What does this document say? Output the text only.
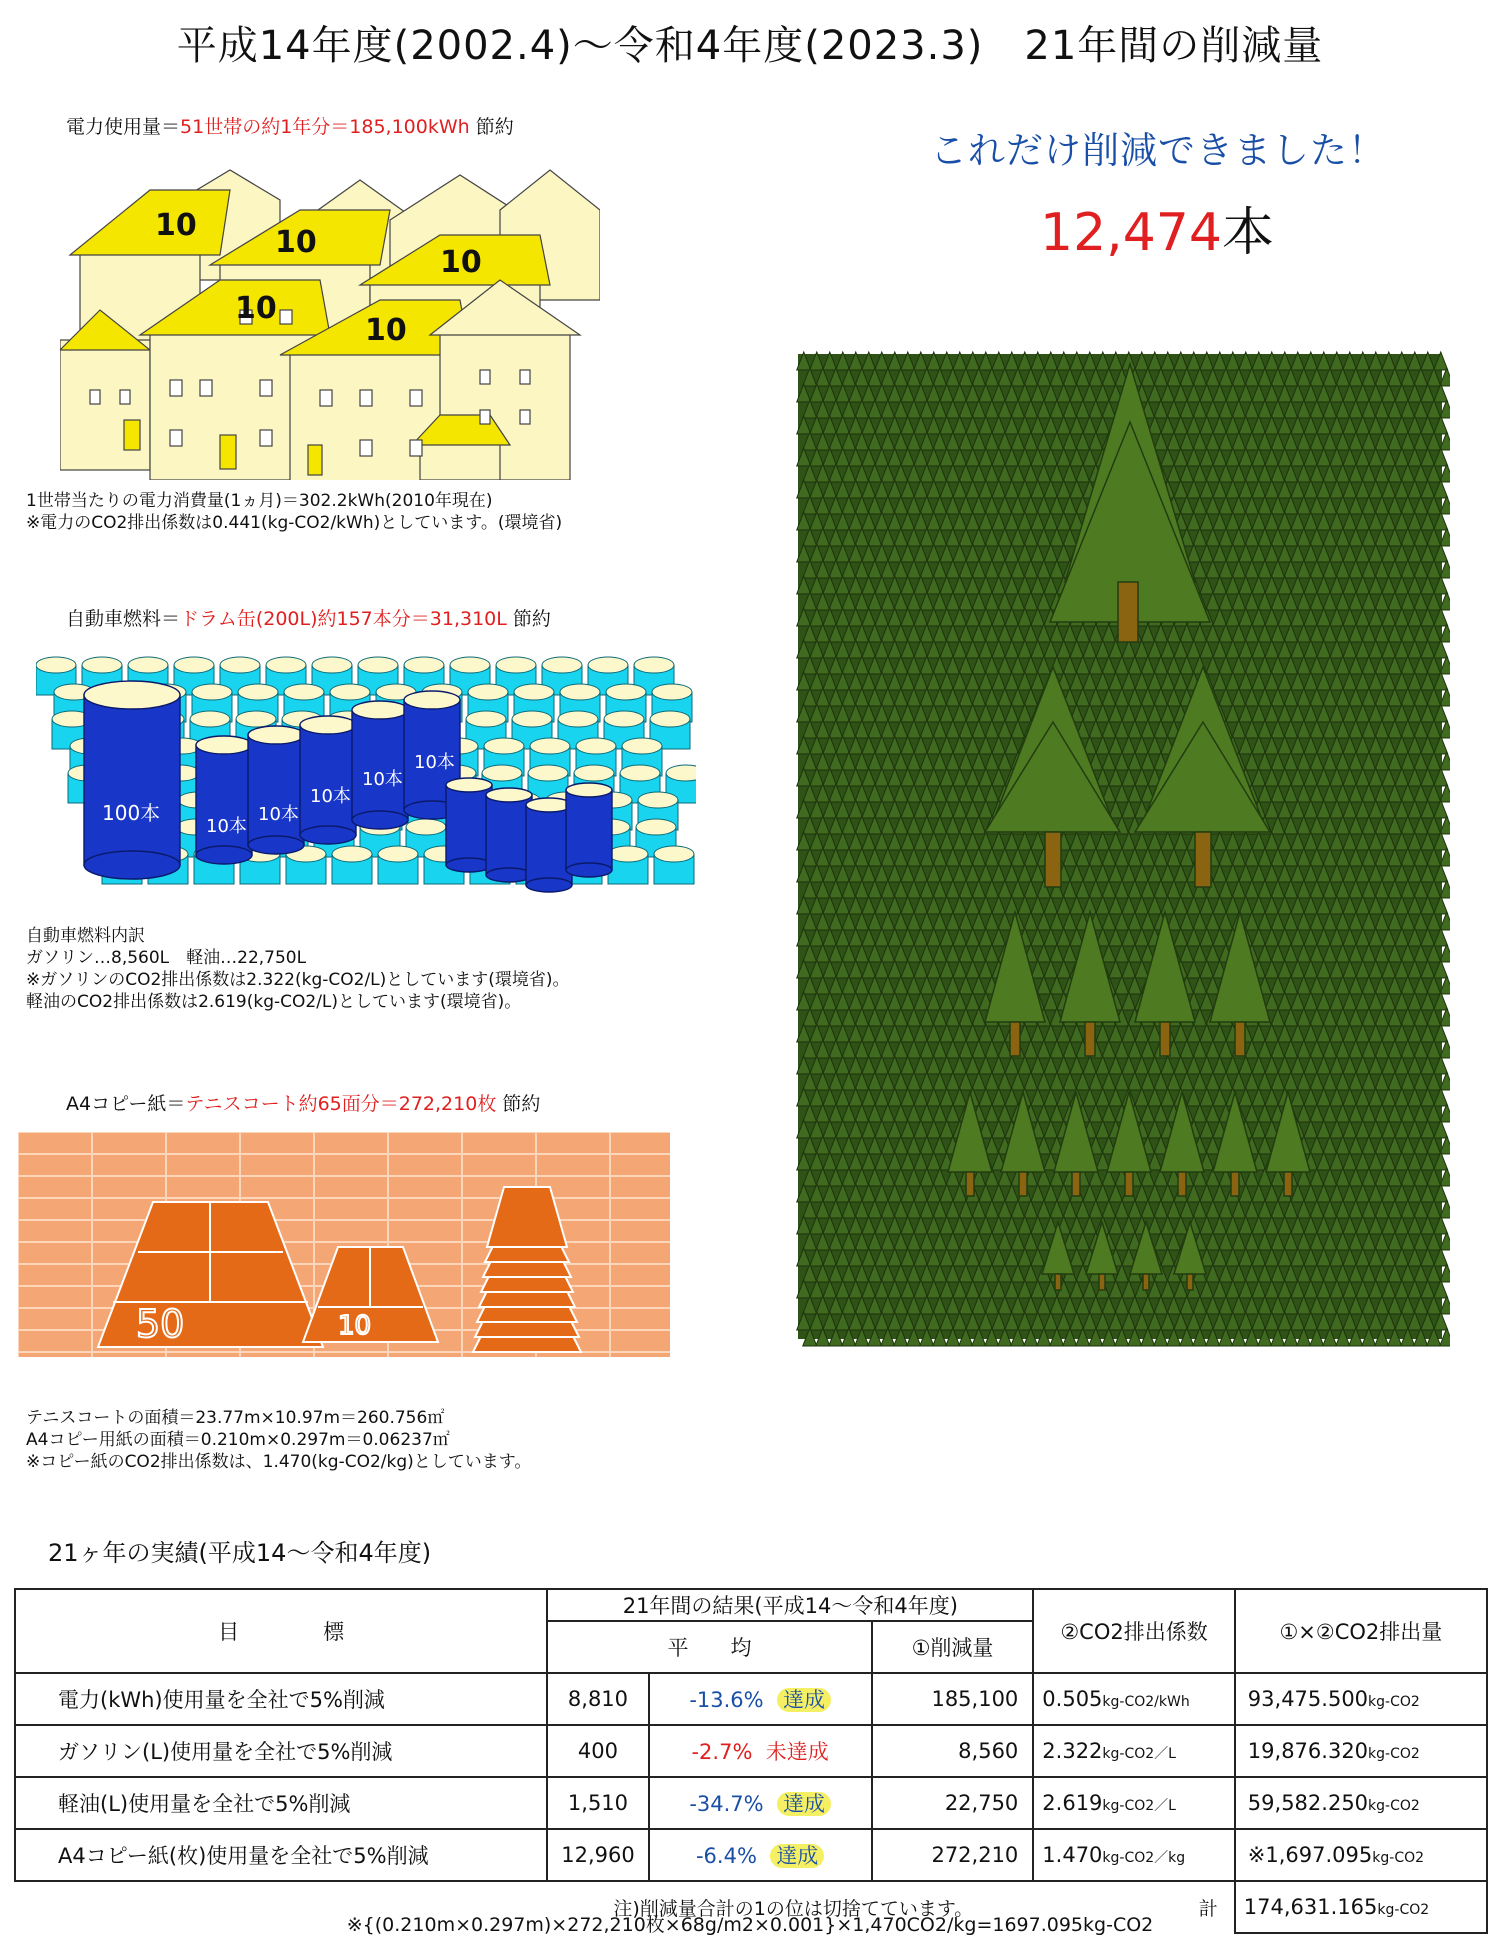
平成14年度(2002.4)～令和4年度(2023.3)　21年間の削減量
電力使用量＝51世帯の約1年分＝185,100kWh 節約
10	10
10
10
10
1世帯当たりの電力消費量(1ヵ月)＝302.2kWh(2010年現在)
※電力のCO2排出係数は0.441(kg-CO2/kWh)としています。(環境省)
自動車燃料＝ドラム缶(200L)約157本分＝31,310L 節約
100本
10本
10本
10本
10本
10本
自動車燃料内訳
ガソリン…8,560L　軽油…22,750L
※ガソリンのCO2排出係数は2.322(kg-CO2/L)としています(環境省)。
軽油のCO2排出係数は2.619(kg-CO2/L)としています(環境省)。
A4コピー紙＝テニスコート約65面分＝272,210枚 節約
50	10
テニスコートの面積＝23.77m×10.97m＝260.756㎡
A4コピー用紙の面積＝0.210m×0.297m＝0.06237㎡
※コピー紙のCO2排出係数は、1.470(kg-CO2/kg)としています。
これだけ削減できました！
12,474本
21ヶ年の実績(平成14～令和4年度)
目　　　　標	21年間の結果(平成14～令和4年度)			②CO2排出係数	①×②CO2排出量
	平　　均		①削減量		
電力(kWh)使用量を全社で5%削減	8,810	-13.6% 達成	185,100	0.505kg-CO2/kWh	93,475.500kg-CO2
ガソリン(L)使用量を全社で5%削減	400	-2.7% 未達成	8,560	2.322kg-CO2／L	19,876.320kg-CO2
軽油(L)使用量を全社で5%削減	1,510	-34.7% 達成	22,750	2.619kg-CO2／L	59,582.250kg-CO2
A4コピー紙(枚)使用量を全社で5%削減	12,960	-6.4% 達成	272,210	1.470kg-CO2／kg	※1,697.095kg-CO2
注)削減量合計の1の位は切捨てています。				計	174,631.165kg-CO2
※{(0.210m×0.297m)×272,210枚×68g/m2×0.001}×1,470CO2/kg=1697.095kg-CO2
